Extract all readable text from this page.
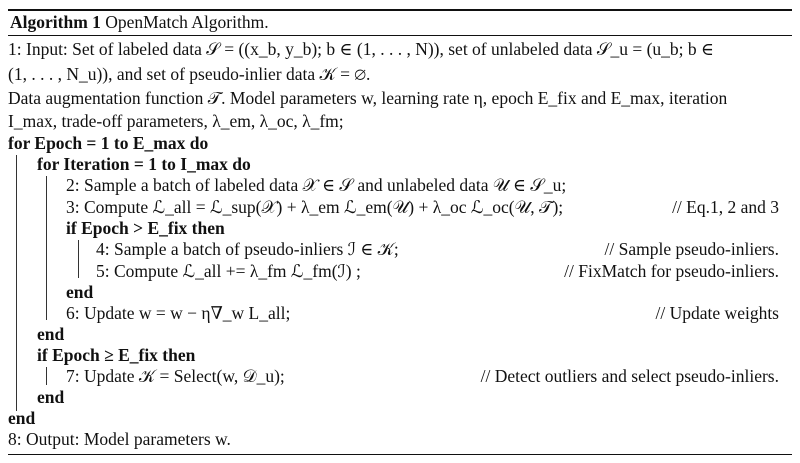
Algorithm 1 OpenMatch Algorithm.
1: Input: Set of labeled data 𝒮 = ((x_b, y_b); b ∈ (1, . . . , N)), set of unlabeled data 𝒮_u = (u_b; b ∈
(1, . . . , N_u)), and set of pseudo-inlier data 𝒦 = ∅.
Data augmentation function 𝒯. Model parameters w, learning rate η, epoch E_fix and E_max, iteration
I_max, trade-off parameters, λ_em, λ_oc, λ_fm;
for Epoch = 1 to E_max do
for Iteration = 1 to I_max do
2: Sample a batch of labeled data 𝒳 ∈ 𝒮 and unlabeled data 𝒰 ∈ 𝒮_u;
3: Compute ℒ_all = ℒ_sup(𝒳) + λ_em ℒ_em(𝒰) + λ_oc ℒ_oc(𝒰, 𝒯);	// Eq.1, 2 and 3
if Epoch > E_fix then
4: Sample a batch of pseudo-inliers ℐ ∈ 𝒦;	// Sample pseudo-inliers.
5: Compute ℒ_all += λ_fm ℒ_fm(ℐ) ;	// FixMatch for pseudo-inliers.
end
6: Update w = w − η∇_w L_all;	// Update weights
end
if Epoch ≥ E_fix then
7: Update 𝒦 = Select(w, 𝒟_u);	// Detect outliers and select pseudo-inliers.
end
end
8: Output: Model parameters w.
